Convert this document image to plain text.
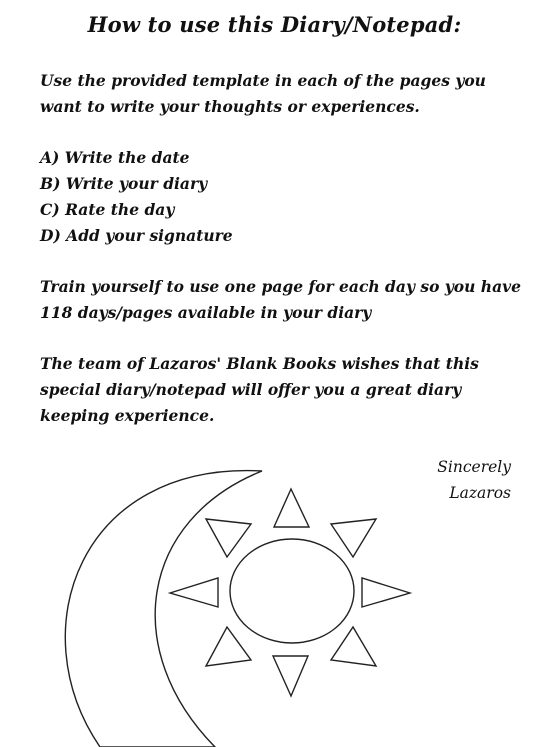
How to use this Diary/Notepad:
Use the provided template in each of the pages you
want to write your thoughts or experiences.
A) Write the date
B) Write your diary
C) Rate the day
D) Add your signature
Train yourself to use one page for each day so you have
118 days/pages available in your diary
The team of Lazaros' Blank Books wishes that this
special diary/notepad will offer you a great diary
keeping experience.
Sincerely
Lazaros
